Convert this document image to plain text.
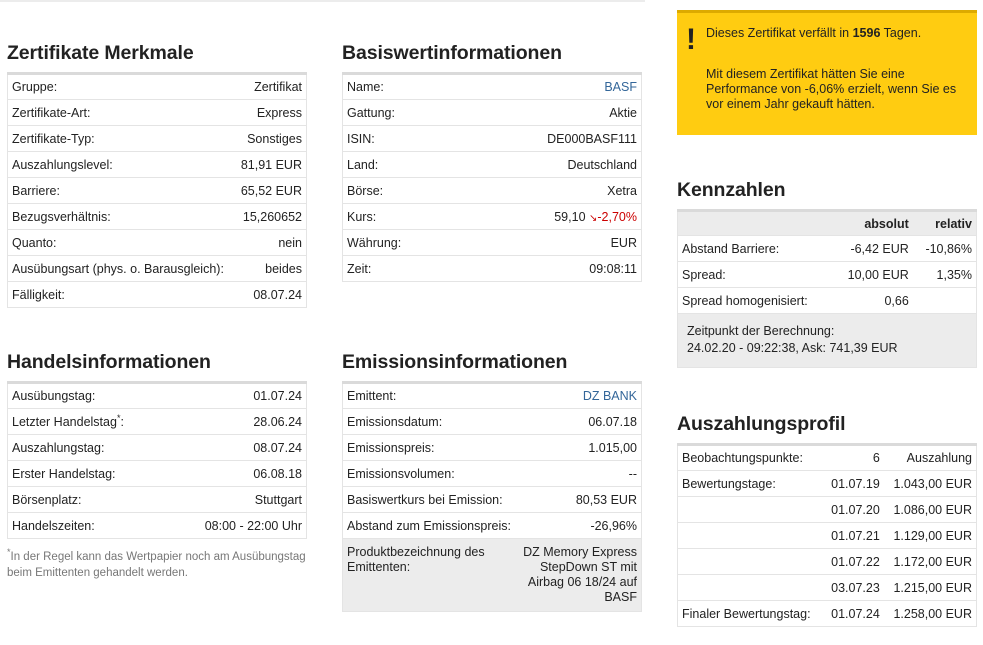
Zertifikate Merkmale
Gruppe:	Zertifikat
Zertifikate-Art:	Express
Zertifikate-Typ:	Sonstiges
Auszahlungslevel:	81,91 EUR
Barriere:	65,52 EUR
Bezugsverhältnis:	15,260652
Quanto:	nein
Ausübungsart (phys. o. Barausgleich):	beides
Fälligkeit:	08.07.24
Basiswertinformationen
Name:	BASF
Gattung:	Aktie
ISIN:	DE000BASF111
Land:	Deutschland
Börse:	Xetra
Kurs:	59,10 ↘-2,70%
Währung:	EUR
Zeit:	09:08:11
! Dieses Zertifikat verfällt in 1596 Tagen.
Mit diesem Zertifikat hätten Sie eine Performance von -6,06% erzielt, wenn Sie es vor einem Jahr gekauft hätten.
Kennzahlen
	absolut	relativ
Abstand Barriere:	-6,42 EUR	-10,86%
Spread:	10,00 EUR	1,35%
Spread homogenisiert:	0,66	

Zeitpunkt der Berechnung:
24.02.20 - 09:22:38, Ask: 741,39 EUR		
Handelsinformationen
Ausübungstag:	01.07.24
Letzter Handelstag*:	28.06.24
Auszahlungstag:	08.07.24
Erster Handelstag:	06.08.18
Börsenplatz:	Stuttgart
Handelszeiten:	08:00 - 22:00 Uhr
*In der Regel kann das Wertpapier noch am Ausübungstag beim Emittenten gehandelt werden.
Emissionsinformationen
Emittent:	DZ BANK
Emissionsdatum:	06.07.18
Emissionspreis:	1.015,00
Emissionsvolumen:	--
Basiswertkurs bei Emission:	80,53 EUR
Abstand zum Emissionspreis:	-26,96%
Produktbezeichnung des Emittenten:	DZ Memory Express StepDown ST mit Airbag 06 18/24 auf BASF
Auszahlungsprofil
Beobachtungspunkte:	6	Auszahlung
Bewertungstage:	01.07.19	1.043,00 EUR
	01.07.20	1.086,00 EUR
	01.07.21	1.129,00 EUR
	01.07.22	1.172,00 EUR
	03.07.23	1.215,00 EUR
Finaler Bewertungstag:	01.07.24	1.258,00 EUR
